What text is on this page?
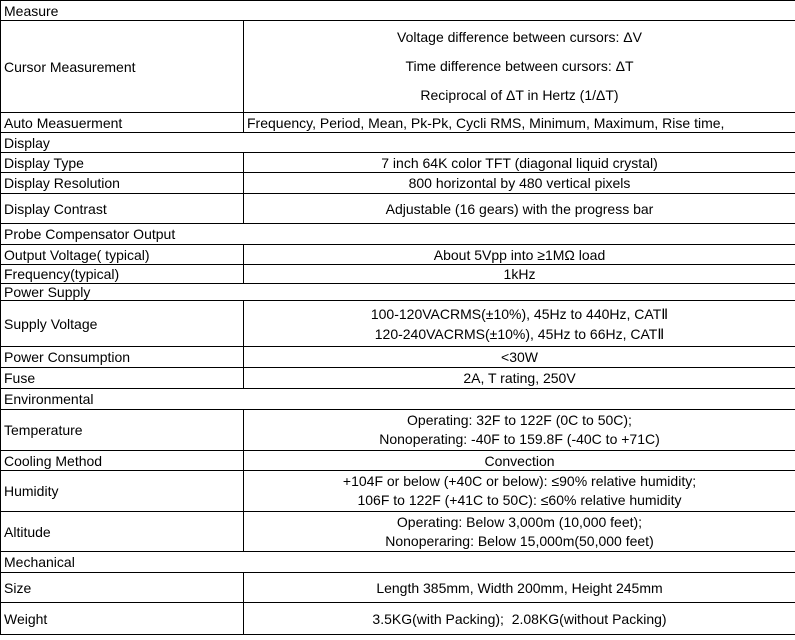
Measure	
Cursor Measurement	Voltage difference between cursors: ΔV
Time difference between cursors: ΔT
Reciprocal of ΔT in Hertz (1/ΔT)

Auto Measuerment	Frequency, Period, Mean, Pk-Pk, Cycli RMS, Minimum, Maximum, Rise time,
Display	
Display Type	7 inch 64K color TFT (diagonal liquid crystal)
Display Resolution	800 horizontal by 480 vertical pixels
Display Contrast	Adjustable (16 gears) with the progress bar
Probe Compensator Output	
Output Voltage( typical)	About 5Vpp into ≥1MΩ load
Frequency(typical)	1kHz
Power Supply	
Supply Voltage	100-120VACRMS(±10%), 45Hz to 440Hz, CATⅡ
120-240VACRMS(±10%), 45Hz to 66Hz, CATⅡ

Power Consumption	<30W
Fuse	2A, T rating, 250V
Environmental	
Temperature	Operating: 32F to 122F (0C to 50C);
Nonoperating: -40F to 159.8F (-40C to +71C)

Cooling Method	Convection
Humidity	+104F or below (+40C or below): ≤90% relative humidity;
106F to 122F (+41C to 50C): ≤60% relative humidity

Altitude	Operating: Below 3,000m (10,000 feet);
Nonoperaring: Below 15,000m(50,000 feet)

Mechanical	
Size	Length 385mm, Width 200mm, Height 245mm
Weight	3.5KG(with Packing);  2.08KG(without Packing)
